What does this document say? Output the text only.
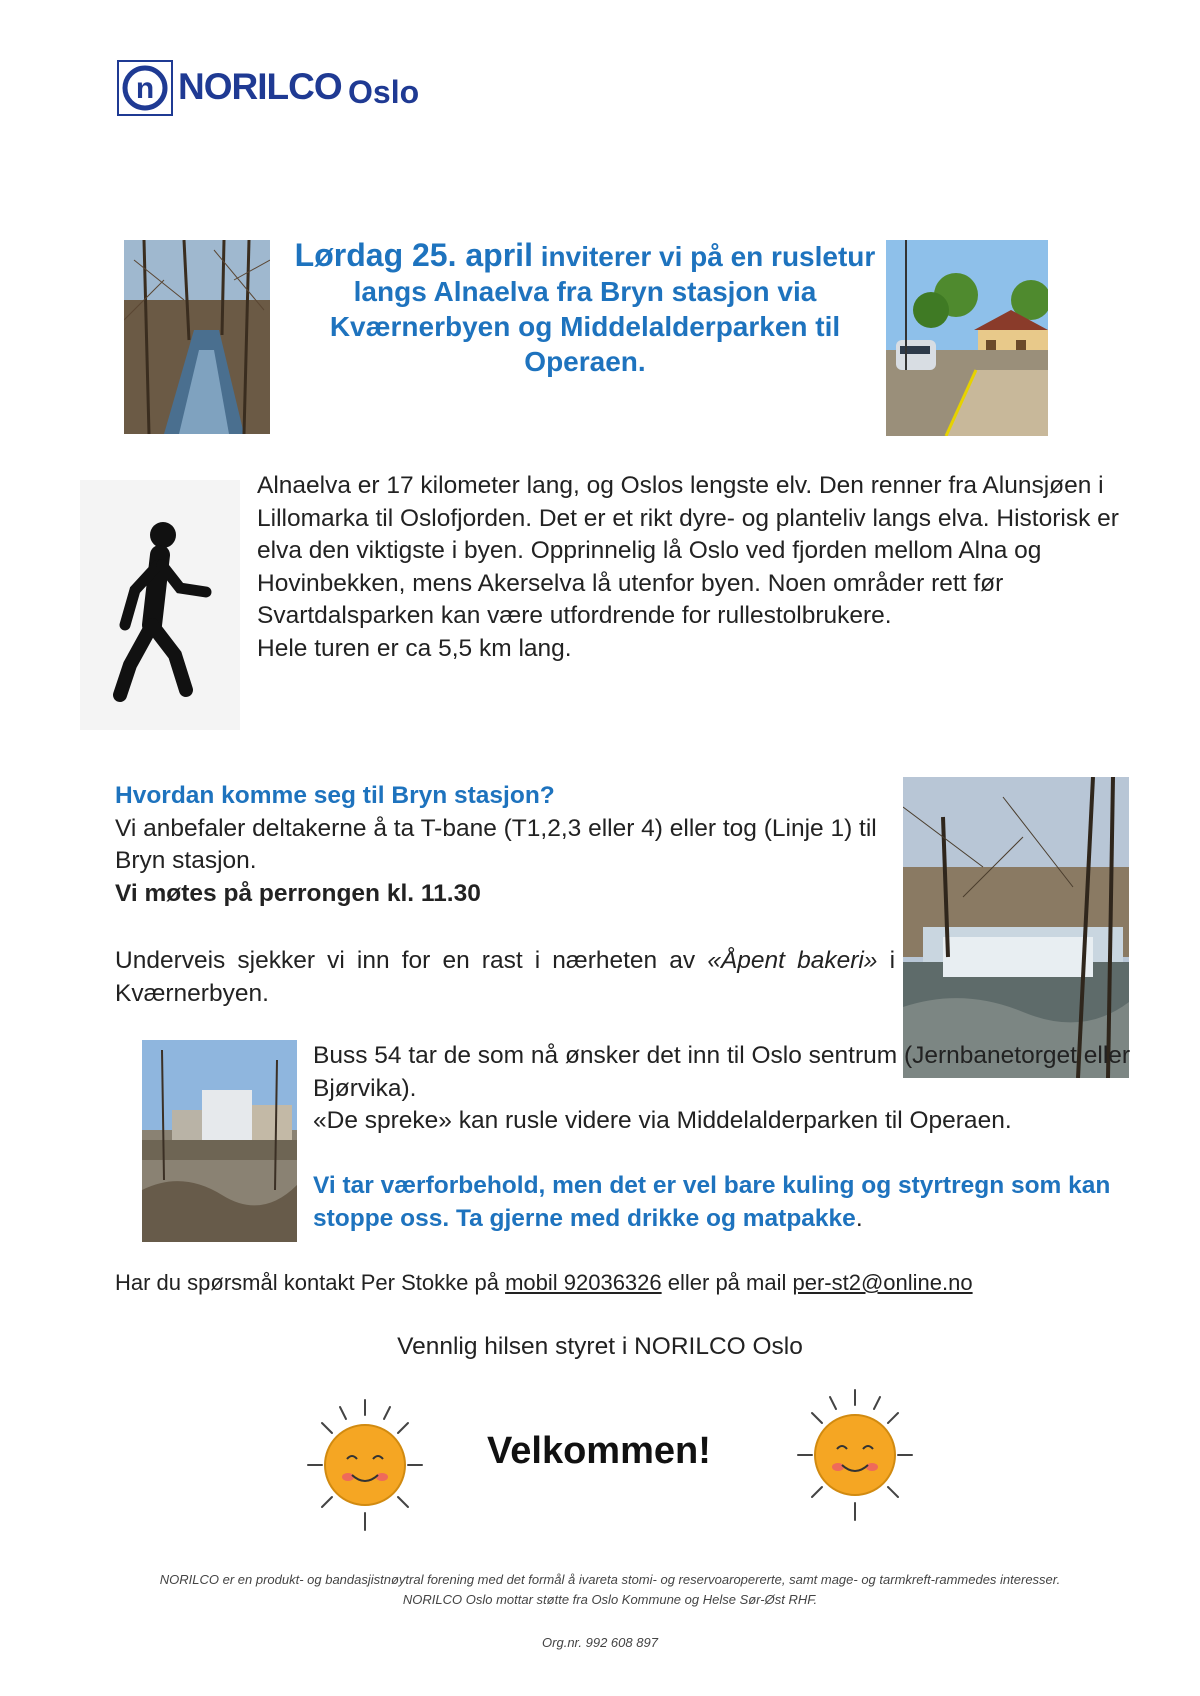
n NORILCO Oslo
Lørdag 25. april inviterer vi på en rusletur langs Alnaelva fra Bryn stasjon via Kværnerbyen og Middelalderparken til Operaen.
Alnaelva er 17 kilometer lang, og Oslos lengste elv. Den renner fra Alunsjøen i Lillomarka til Oslofjorden. Det er et rikt dyre- og planteliv langs elva. Historisk er elva den viktigste i byen. Opprinnelig lå Oslo ved fjorden mellom Alna og Hovinbekken, mens Akerselva lå utenfor byen. Noen områder rett før Svartdalsparken kan være utfordrende for rullestolbrukere.
Hele turen er ca 5,5 km lang.
Hvordan komme seg til Bryn stasjon?
Vi anbefaler deltakerne å ta T-bane (T1,2,3 eller 4) eller tog (Linje 1) til Bryn stasjon.
Vi møtes på perrongen kl. 11.30
Underveis sjekker vi inn for en rast i nærheten av «Åpent bakeri» i Kværnerbyen.
Buss 54 tar de som nå ønsker det inn til Oslo sentrum (Jernbanetorget eller Bjørvika).
«De spreke» kan rusle videre via Middelalderparken til Operaen.
Vi tar værforbehold, men det er vel bare kuling og styrtregn som kan stoppe oss. Ta gjerne med drikke og matpakke.
Har du spørsmål kontakt Per Stokke på mobil 92036326 eller på mail per-st2@online.no
Vennlig hilsen styret i NORILCO Oslo
Velkommen!
NORILCO er en produkt- og bandasjistnøytral forening med det formål å ivareta stomi- og reservoaropererte, samt mage- og tarmkreft-rammedes interesser. NORILCO Oslo mottar støtte fra Oslo Kommune og Helse Sør-Øst RHF.
Org.nr. 992 608 897
